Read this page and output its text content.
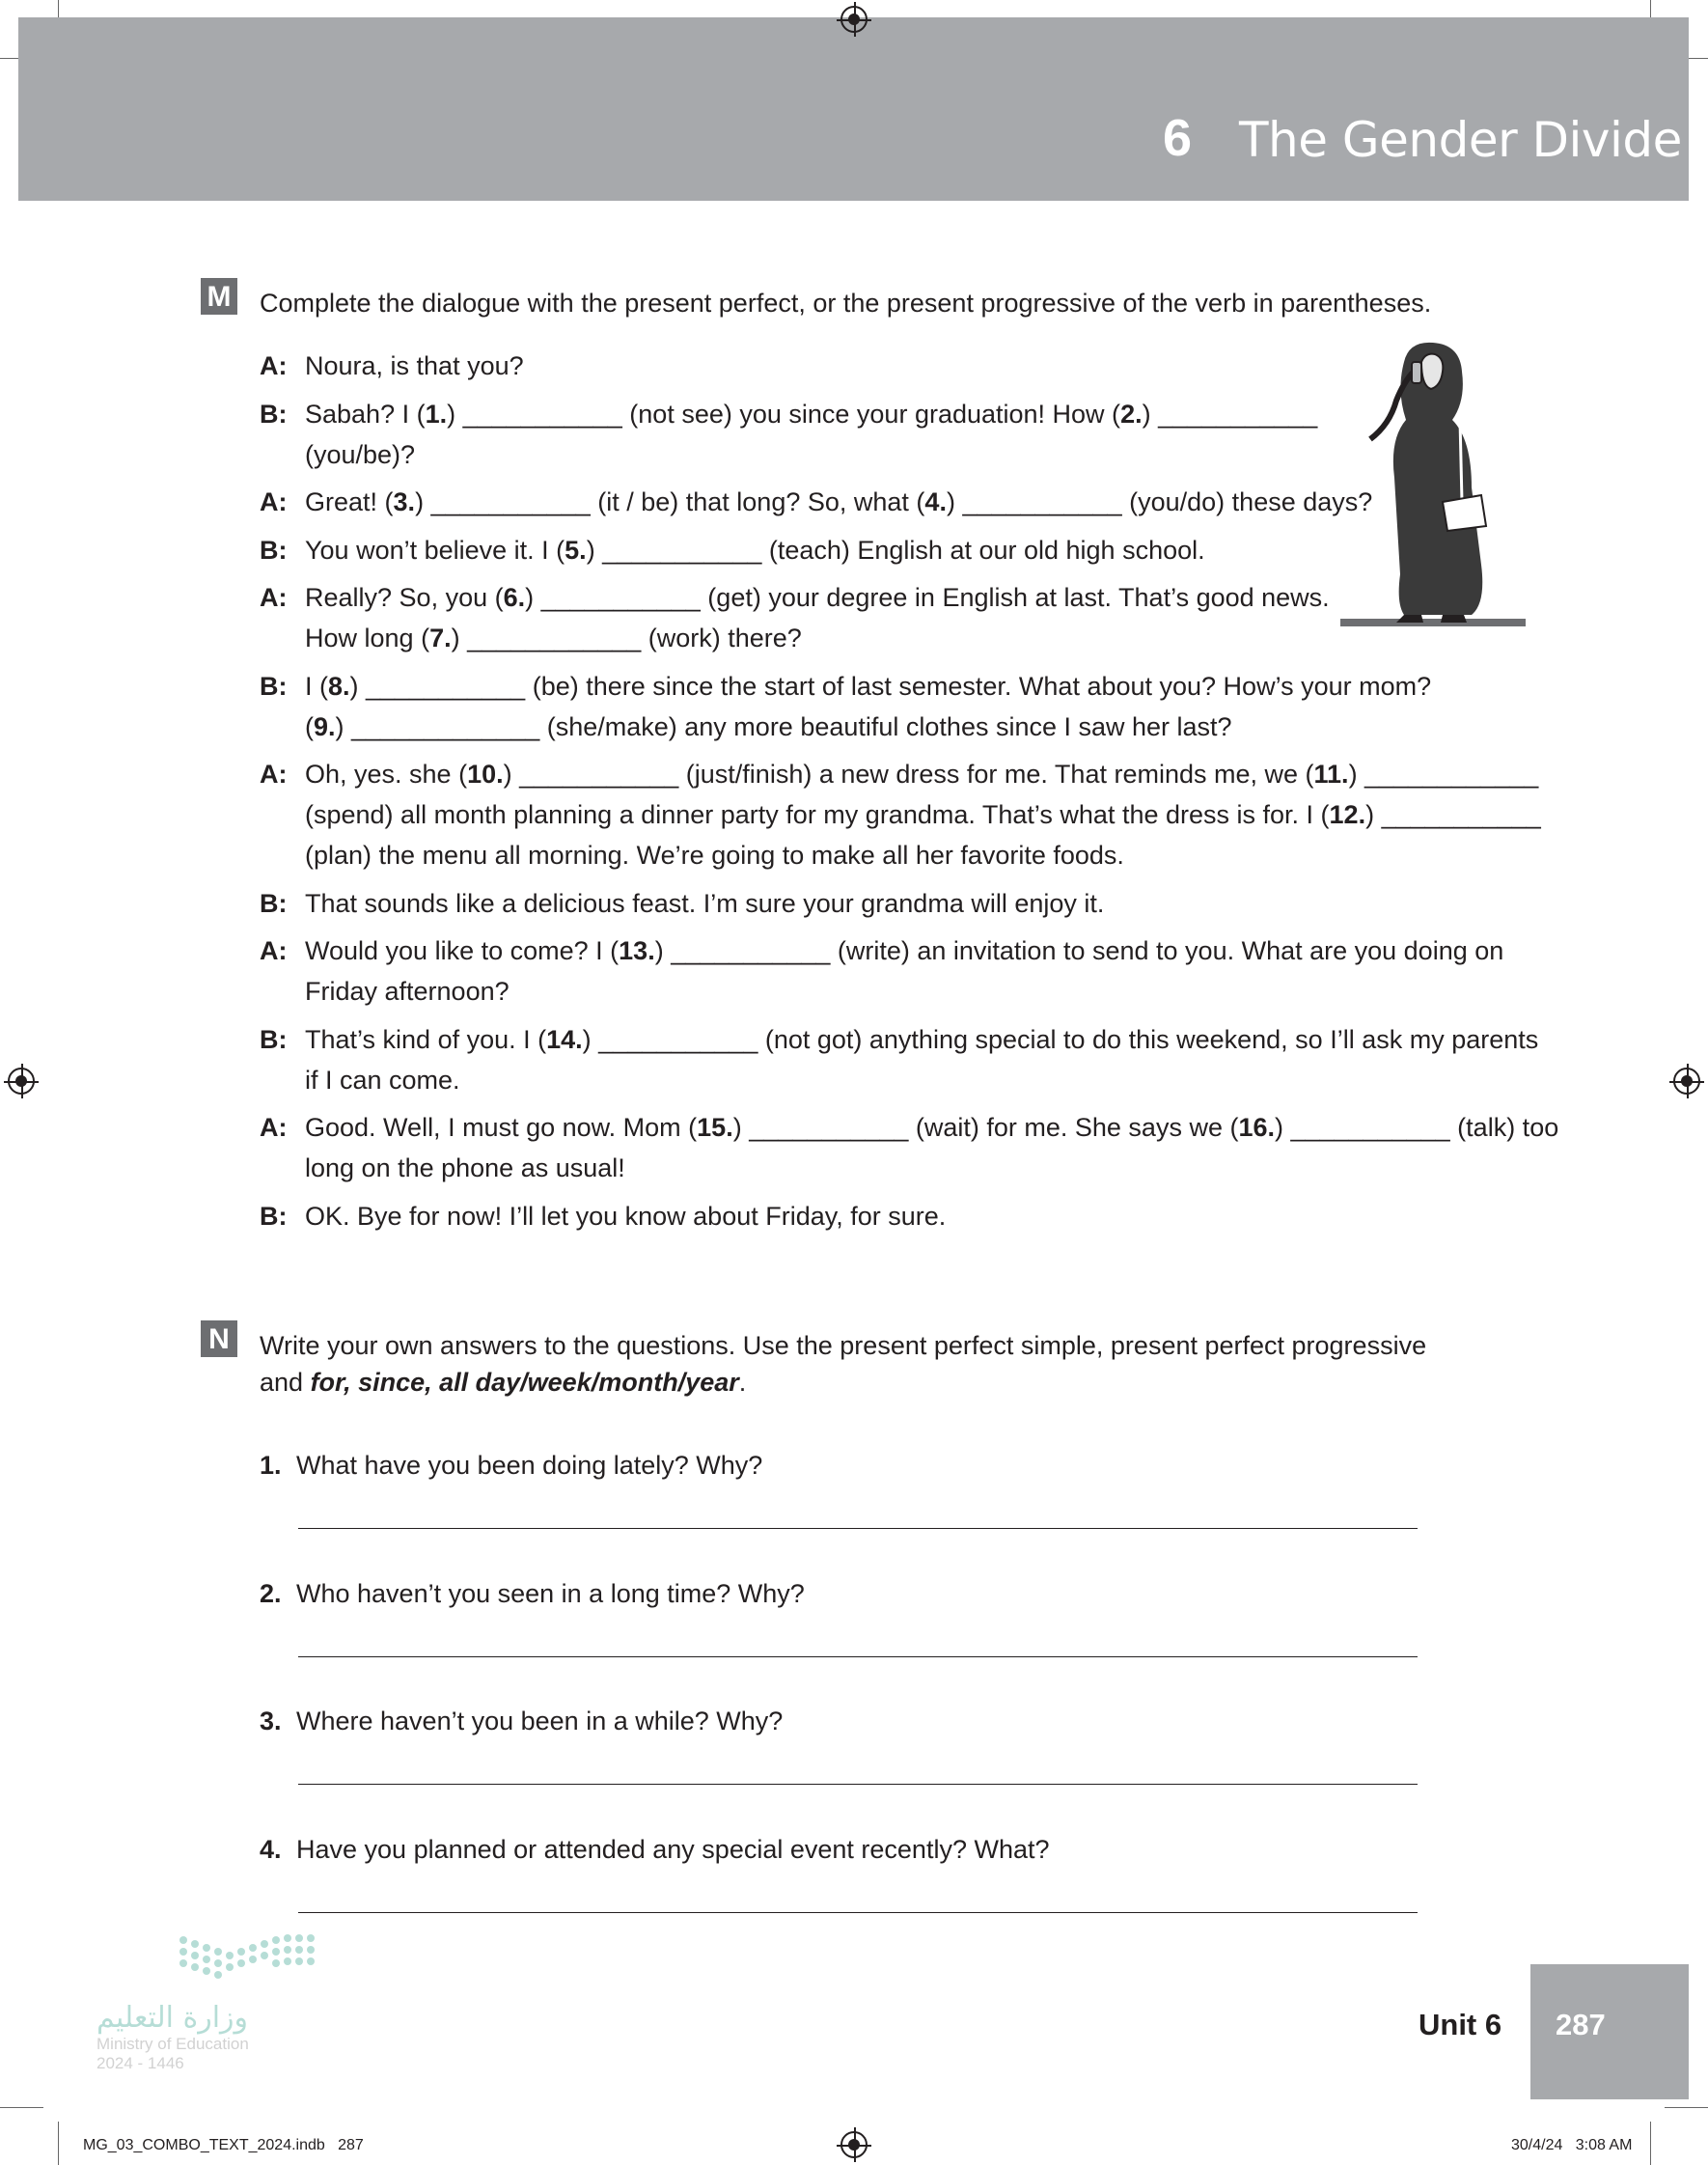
6 The Gender Divide
M Complete the dialogue with the present perfect, or the present progressive of the verb in parentheses.
A: Noura, is that you?
B: Sabah? I (1.) ___________ (not see) you since your graduation! How (2.) ___________
(you/be)?
A: Great! (3.) ___________ (it / be) that long? So, what (4.) ___________ (you/do) these days?
B: You won’t believe it. I (5.) ___________ (teach) English at our old high school.
A: Really? So, you (6.) ___________ (get) your degree in English at last. That’s good news.
How long (7.) ____________ (work) there?
B: I (8.) ___________ (be) there since the start of last semester. What about you? How’s your mom?
(9.) _____________ (she/make) any more beautiful clothes since I saw her last?
A: Oh, yes. she (10.) ___________ (just/finish) a new dress for me. That reminds me, we (11.) ____________
(spend) all month planning a dinner party for my grandma. That’s what the dress is for. I (12.) ___________
(plan) the menu all morning. We’re going to make all her favorite foods.
B: That sounds like a delicious feast. I’m sure your grandma will enjoy it.
A: Would you like to come? I (13.) ___________ (write) an invitation to send to you. What are you doing on
Friday afternoon?
B: That’s kind of you. I (14.) ___________ (not got) anything special to do this weekend, so I’ll ask my parents
if I can come.
A: Good. Well, I must go now. Mom (15.) ___________ (wait) for me. She says we (16.) ___________ (talk) too
long on the phone as usual!
B: OK. Bye for now! I’ll let you know about Friday, for sure.
N	Write your own answers to the questions. Use the present perfect simple, present perfect progressive
and for, since, all day/week/month/year.
1. What have you been doing lately? Why?
2. Who haven’t you seen in a long time? Why?
3. Where haven’t you been in a while? Why?
4. Have you planned or attended any special event recently? What?
وزارة التعليم
Ministry of Education
2024 - 1446
Unit 6 287
MG_03_COMBO_TEXT_2024.indb   287	30/4/24   3:08 AM
